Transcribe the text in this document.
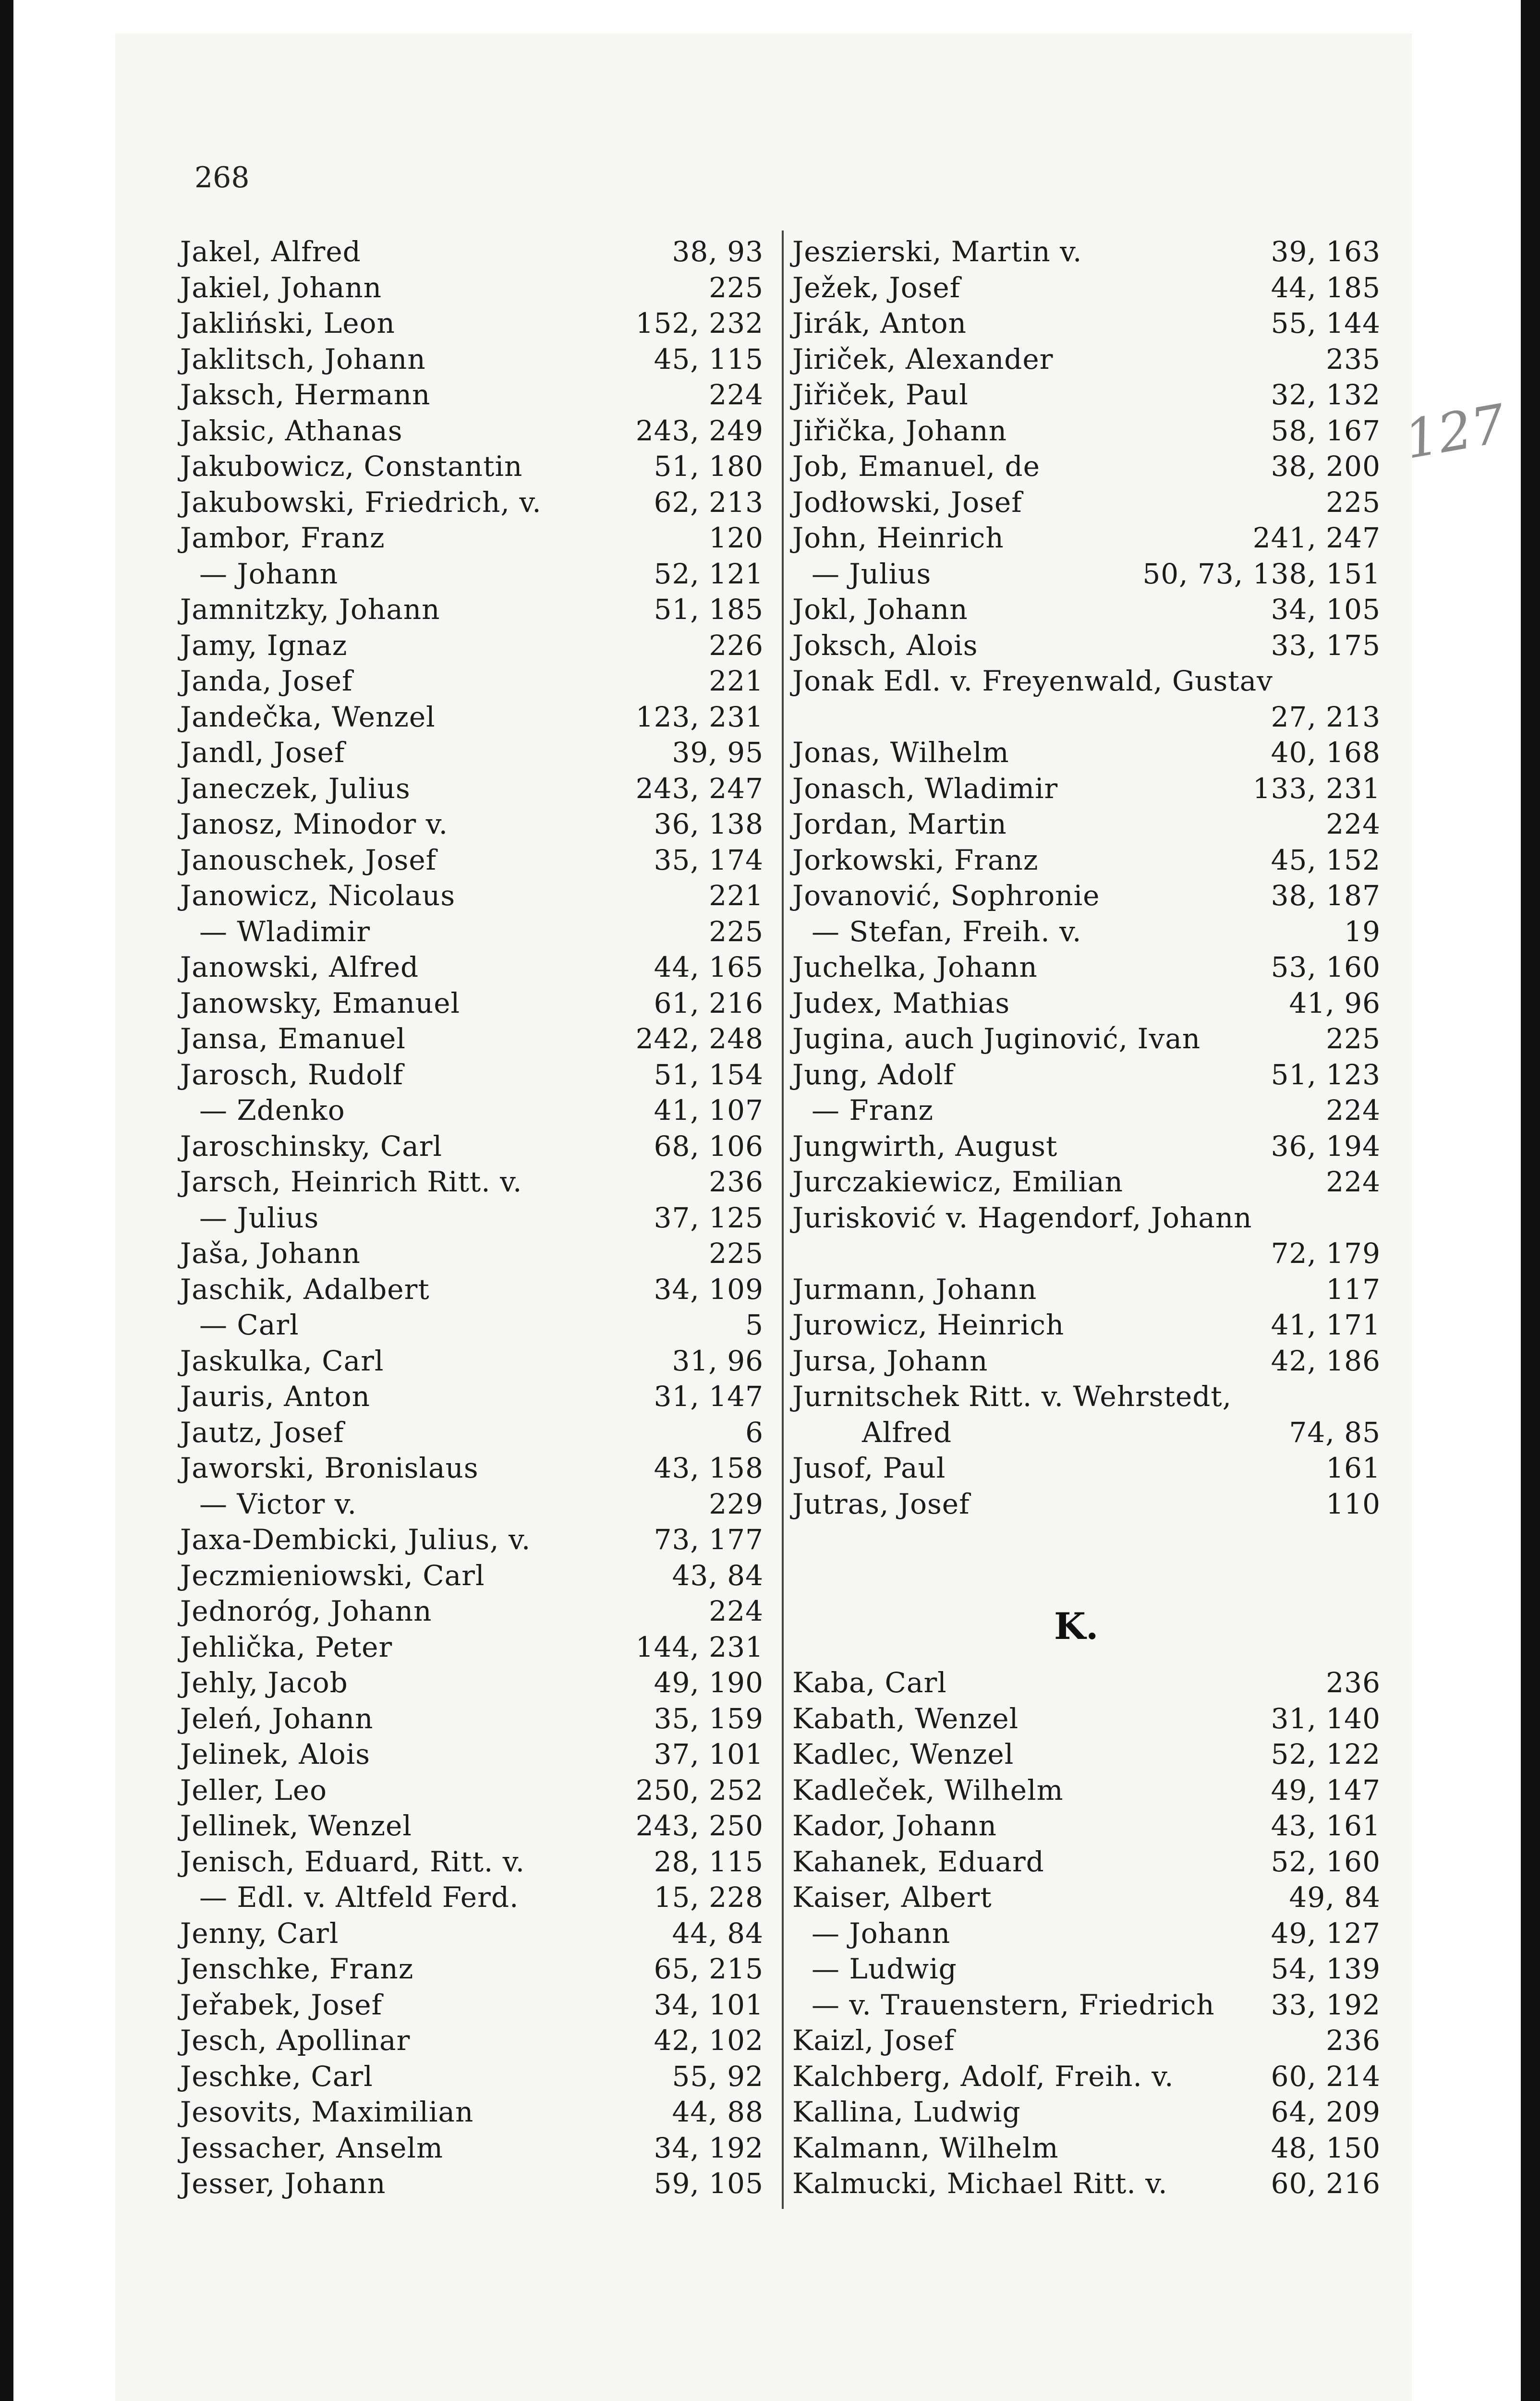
268
127
Jakel, Alfred	38, 93
Jakiel, Johann	225
Jakliński, Leon	152, 232
Jaklitsch, Johann	45, 115
Jaksch, Hermann	224
Jaksic, Athanas	243, 249
Jakubowicz, Constantin	51, 180
Jakubowski, Friedrich, v.	62, 213
Jambor, Franz	120
— Johann	52, 121
Jamnitzky, Johann	51, 185
Jamy, Ignaz	226
Janda, Josef	221
Jandečka, Wenzel	123, 231
Jandl, Josef	39, 95
Janeczek, Julius	243, 247
Janosz, Minodor v.	36, 138
Janouschek, Josef	35, 174
Janowicz, Nicolaus	221
— Wladimir	225
Janowski, Alfred	44, 165
Janowsky, Emanuel	61, 216
Jansa, Emanuel	242, 248
Jarosch, Rudolf	51, 154
— Zdenko	41, 107
Jaroschinsky, Carl	68, 106
Jarsch, Heinrich Ritt. v.	236
— Julius	37, 125
Jaša, Johann	225
Jaschik, Adalbert	34, 109
— Carl	5
Jaskulka, Carl	31, 96
Jauris, Anton	31, 147
Jautz, Josef	6
Jaworski, Bronislaus	43, 158
— Victor v.	229
Jaxa-Dembicki, Julius, v.	73, 177
Jeczmieniowski, Carl	43, 84
Jednoróg, Johann	224
Jehlička, Peter	144, 231
Jehly, Jacob	49, 190
Jeleń, Johann	35, 159
Jelinek, Alois	37, 101
Jeller, Leo	250, 252
Jellinek, Wenzel	243, 250
Jenisch, Eduard, Ritt. v.	28, 115
— Edl. v. Altfeld Ferd.	15, 228
Jenny, Carl	44, 84
Jenschke, Franz	65, 215
Jeřabek, Josef	34, 101
Jesch, Apollinar	42, 102
Jeschke, Carl	55, 92
Jesovits, Maximilian	44, 88
Jessacher, Anselm	34, 192
Jesser, Johann	59, 105
Jeszierski, Martin v.	39, 163
Ježek, Josef	44, 185
Jirák, Anton	55, 144
Jiriček, Alexander	235
Jiřiček, Paul	32, 132
Jiřička, Johann	58, 167
Job, Emanuel, de	38, 200
Jodłowski, Josef	225
John, Heinrich	241, 247
— Julius	50, 73, 138, 151
Jokl, Johann	34, 105
Joksch, Alois	33, 175
Jonak Edl. v. Freyenwald, Gustav
27, 213
Jonas, Wilhelm	40, 168
Jonasch, Wladimir	133, 231
Jordan, Martin	224
Jorkowski, Franz	45, 152
Jovanović, Sophronie	38, 187
— Stefan, Freih. v.	19
Juchelka, Johann	53, 160
Judex, Mathias	41, 96
Jugina, auch Juginović, Ivan	225
Jung, Adolf	51, 123
— Franz	224
Jungwirth, August	36, 194
Jurczakiewicz, Emilian	224
Jurisković v. Hagendorf, Johann
72, 179
Jurmann, Johann	117
Jurowicz, Heinrich	41, 171
Jursa, Johann	42, 186
Jurnitschek Ritt. v. Wehrstedt,
Alfred	74, 85
Jusof, Paul	161
Jutras, Josef	110
K.
Kaba, Carl	236
Kabath, Wenzel	31, 140
Kadlec, Wenzel	52, 122
Kadleček, Wilhelm	49, 147
Kador, Johann	43, 161
Kahanek, Eduard	52, 160
Kaiser, Albert	49, 84
— Johann	49, 127
— Ludwig	54, 139
— v. Trauenstern, Friedrich 33, 192
Kaizl, Josef	236
Kalchberg, Adolf, Freih. v.	60, 214
Kallina, Ludwig	64, 209
Kalmann, Wilhelm	48, 150
Kalmucki, Michael Ritt. v.	60, 216
